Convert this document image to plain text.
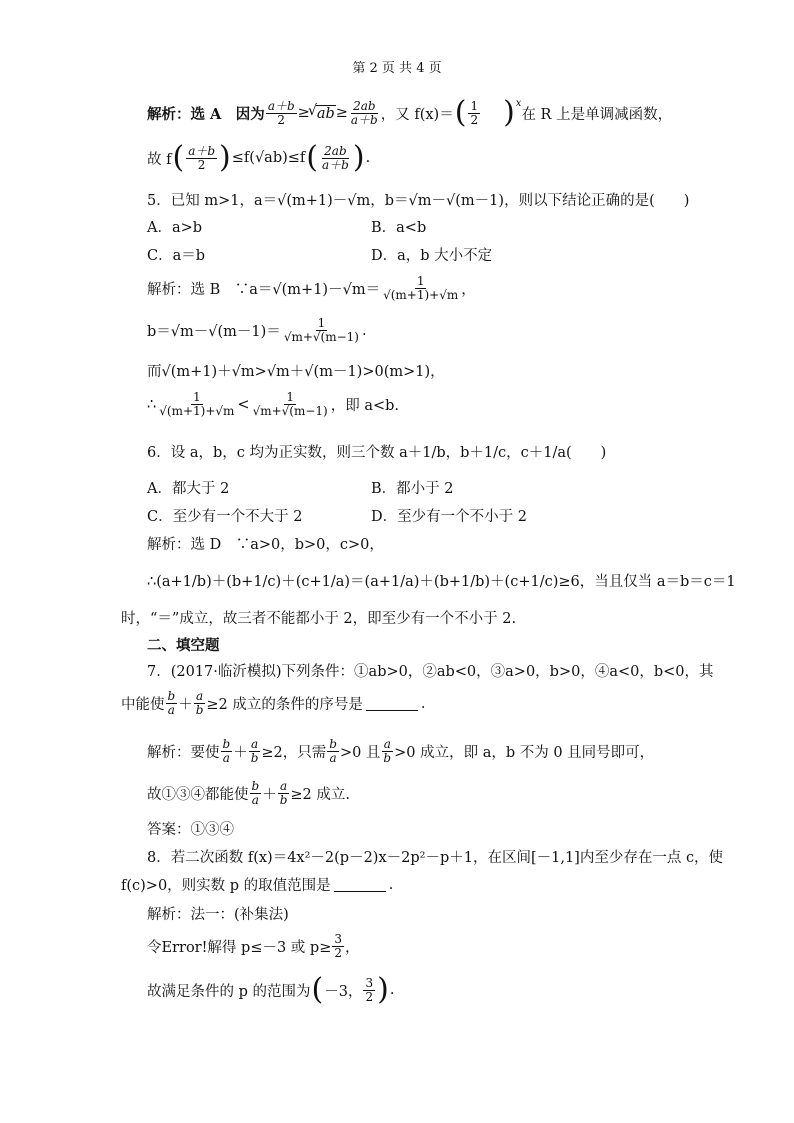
第 2 页 共 4 页
解析：选 A　因为 $\frac{a+b}{2}$ ≥
√ ab ≥ $\frac{2ab}{a+b}$ ，又 f(x)＝ ( $\frac{1}{2}$ ) x
在 R 上是单调减函数，
故 f ( $\frac{a+b}{2}$ ) ≤f(√ab)≤f ( $\frac{2ab}{a+b}$ ) .
5．已知 m>1，a＝√(m+1)－√m，b＝√m－√(m－1)，则以下结论正确的是(　　)
A．a>b	B．a<b
C．a＝b	D．a，b 大小不定
解析：选 B　∵a＝√(m+1)－√m＝ $\frac{1}{√(m+1)+√m}$ ，
$b=√m-√(m-1)= \frac{1}{√m+√(m-1)}$ .
而√(m+1)＋√m>√m＋√(m－1)>0(m>1)，
∴ $\frac{1}{√(m+1)+√m} < \frac{1}{√m+√(m-1)}$ ，即 a<b.
6．设 a，b，c 均为正实数，则三个数 a＋1/b，b＋1/c，c＋1/a(　　)
A．都大于 2	B．都小于 2
C．至少有一个不大于 2	D．至少有一个不小于 2
解析：选 D　∵a>0，b>0，c>0，
∴(a+1/b)＋(b+1/c)＋(c+1/a)＝(a+1/a)＋(b+1/b)＋(c+1/c)≥6，当且仅当 a＝b＝c＝1
时，“＝”成立，故三者不能都小于 2，即至少有一个不小于 2.
二、填空题
7．(2017·临沂模拟)下列条件：①ab>0，②ab<0，③a>0，b>0，④a<0，b<0，其
中能使 $\frac{b}{a} + \frac{a}{b} \ge 2$ 成立的条件的序号是	.
解析：要使 $\frac{b}{a} + \frac{a}{b} \ge 2$，只需 $\frac{b}{a} >0$ 且 $\frac{a}{b} >0$ 成立，即 a，b 不为 0 且同号即可，
故①③④都能使 $\frac{b}{a} + \frac{a}{b} \ge 2$ 成立.
答案：①③④
8．若二次函数 f(x)＝4x²－2(p－2)x－2p²－p＋1，在区间[－1,1]内至少存在一点 c，使
f(c)>0，则实数 p 的取值范围是	.
解析：法一：(补集法)
令Error!解得 p≤－3 或 $p\ge \frac{3}{2}$ ，
故满足条件的 p 的范围为 ( －3， $\frac{3}{2}$ ) .
